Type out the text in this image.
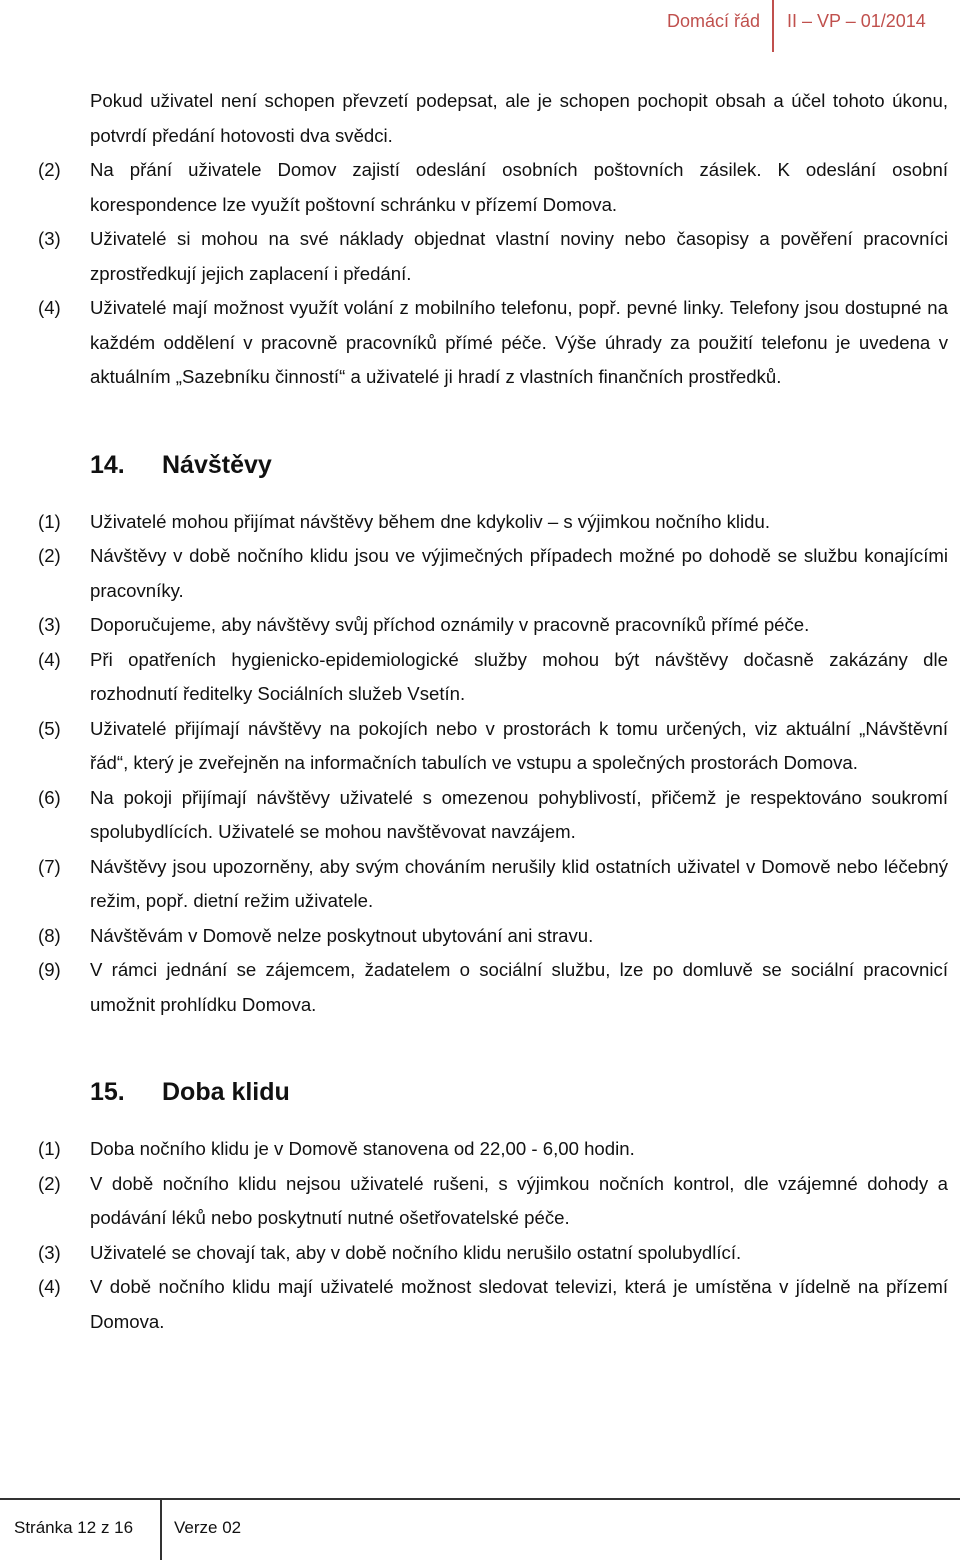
Domácí řád II – VP – 01/2014
Pokud uživatel není schopen převzetí podepsat, ale je schopen pochopit obsah a účel tohoto úkonu, potvrdí předání hotovosti dva svědci.
(2)	Na přání uživatele Domov zajistí odeslání osobních poštovních zásilek. K odeslání osobní korespondence lze využít poštovní schránku v přízemí Domova.
(3)	Uživatelé si mohou na své náklady objednat vlastní noviny nebo časopisy a pověření pracovníci zprostředkují jejich zaplacení i předání.
(4)	Uživatelé mají možnost využít volání z mobilního telefonu, popř. pevné linky. Telefony jsou dostupné na každém oddělení v pracovně pracovníků přímé péče. Výše úhrady za použití telefonu je uvedena v aktuálním „Sazebníku činností“ a uživatelé ji hradí z vlastních finančních prostředků.
14.	Návštěvy
(1)	Uživatelé mohou přijímat návštěvy během dne kdykoliv – s výjimkou nočního klidu.
(2)	Návštěvy v době nočního klidu jsou ve výjimečných případech možné po dohodě se službu konajícími pracovníky.
(3)	Doporučujeme, aby návštěvy svůj příchod oznámily v pracovně pracovníků přímé péče.
(4)	Při opatřeních hygienicko-epidemiologické služby mohou být návštěvy dočasně zakázány dle rozhodnutí ředitelky Sociálních služeb Vsetín.
(5)	Uživatelé přijímají návštěvy na pokojích nebo v prostorách k tomu určených, viz aktuální „Návštěvní řád“, který je zveřejněn na informačních tabulích ve vstupu a společných prostorách Domova.
(6)	Na pokoji přijímají návštěvy uživatelé s omezenou pohyblivostí, přičemž je respektováno soukromí spolubydlících. Uživatelé se mohou navštěvovat navzájem.
(7)	Návštěvy jsou upozorněny, aby svým chováním nerušily klid ostatních uživatel v Domově nebo léčebný režim, popř. dietní režim uživatele.
(8)	Návštěvám v Domově nelze poskytnout ubytování ani stravu.
(9)	V rámci jednání se zájemcem, žadatelem o sociální službu, lze po domluvě se sociální pracovnicí umožnit prohlídku Domova.
15.	Doba klidu
(1)	Doba nočního klidu je v Domově stanovena od 22,00 - 6,00 hodin.
(2)	V době nočního klidu nejsou uživatelé rušeni, s výjimkou nočních kontrol, dle vzájemné dohody a podávání léků nebo poskytnutí nutné ošetřovatelské péče.
(3)	Uživatelé se chovají tak, aby v době nočního klidu nerušilo ostatní spolubydlící.
(4)	V době nočního klidu mají uživatelé možnost sledovat televizi, která je umístěna v jídelně na přízemí Domova.
Stránka 12 z 16 Verze 02
